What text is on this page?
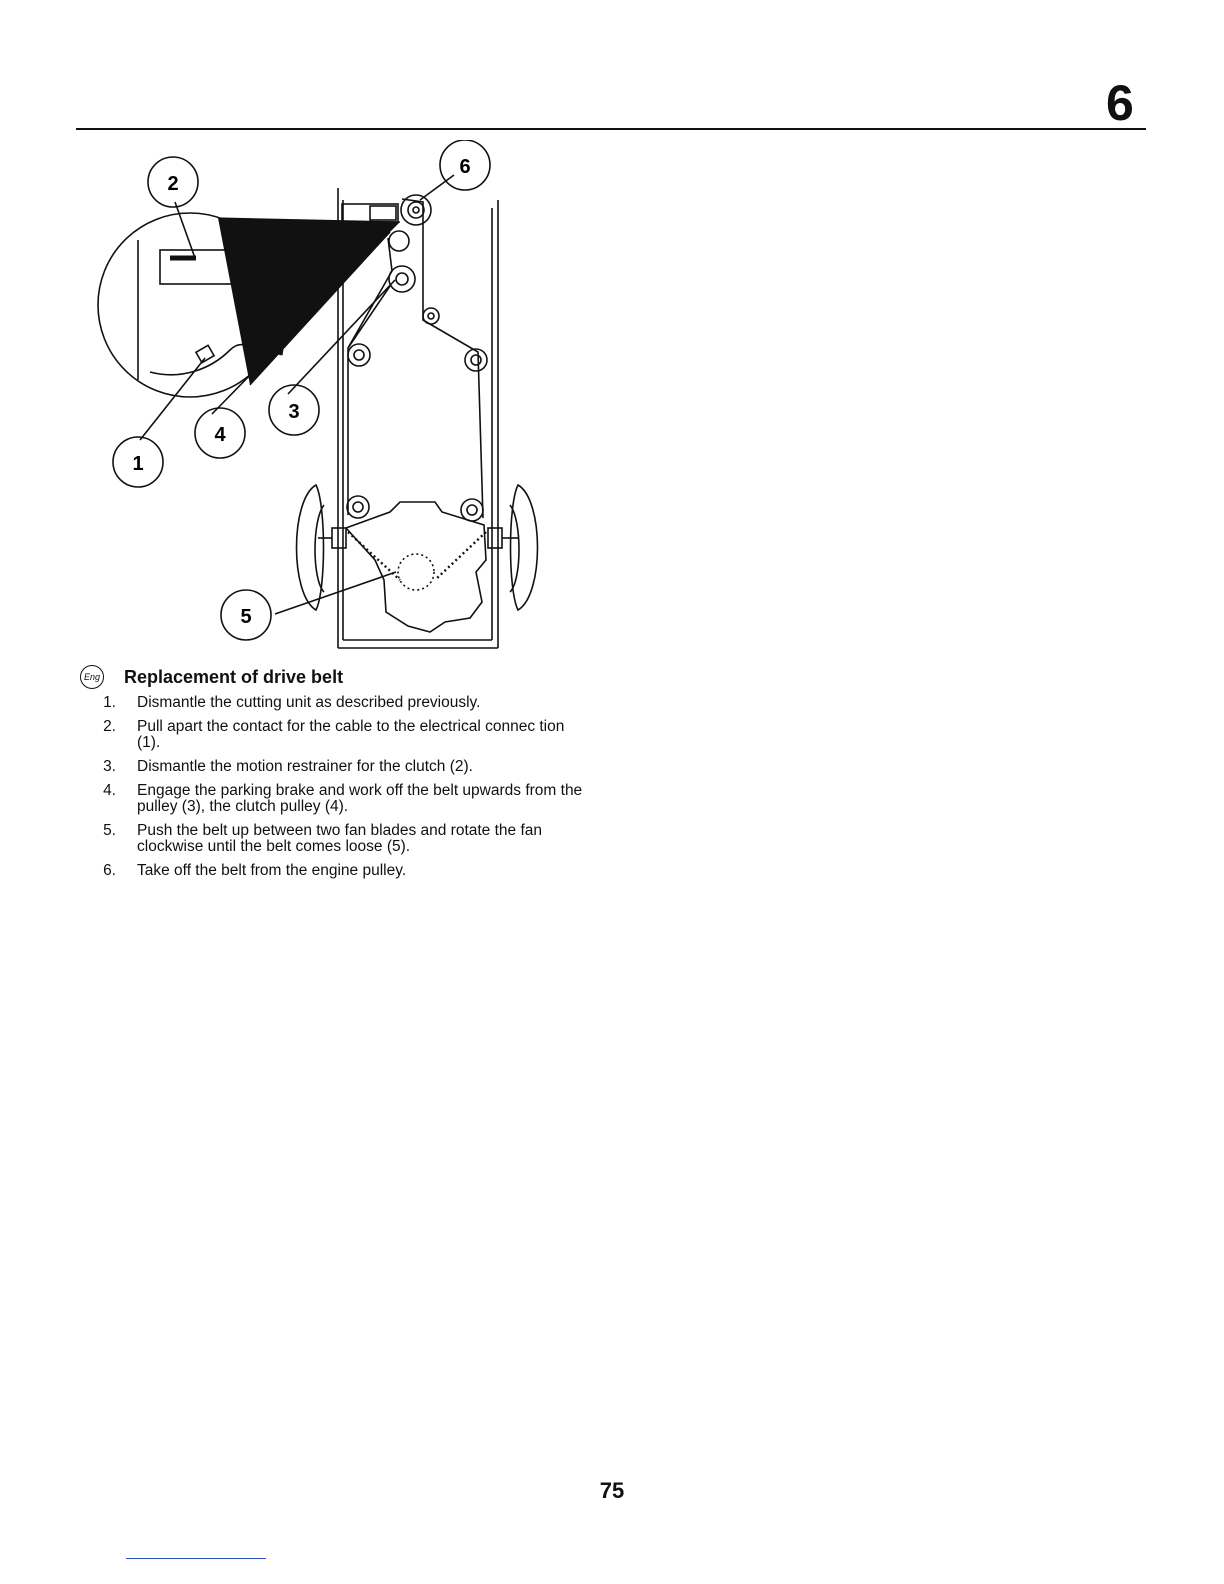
6
2
6
1
4
3
5
Eng Replacement of drive belt
1.	Dismantle the cutting unit as described previously.
2.	Pull apart the contact for the cable to the electrical connec tion (1).
3.	Dismantle the motion restrainer for the clutch (2).
4.	Engage the parking brake and work off the belt upwards from the pulley (3), the clutch pulley (4).
5.	Push the belt up between two fan blades and rotate the fan clockwise until the belt comes loose (5).
6.	Take off the belt from the engine pulley.
75
